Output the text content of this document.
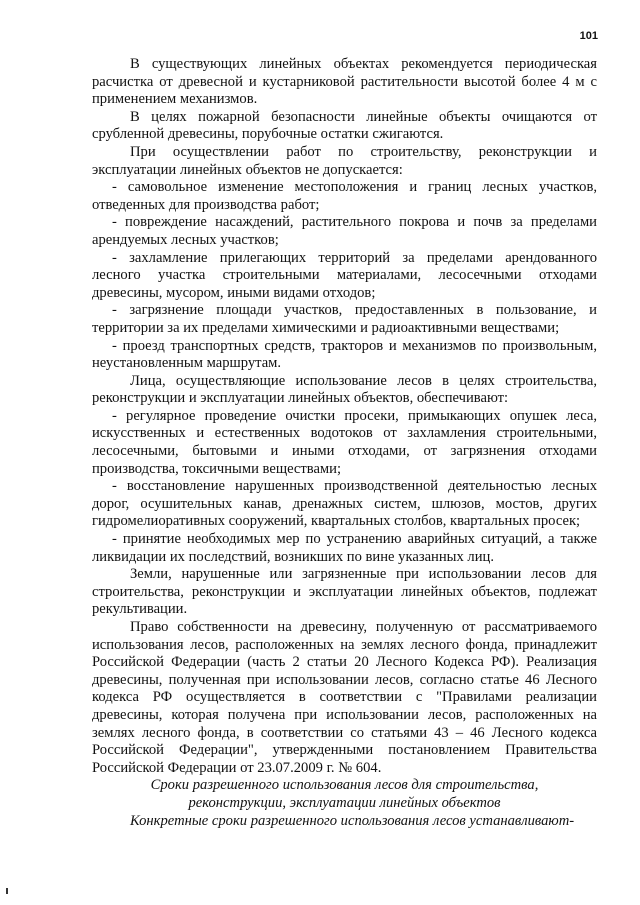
101

В существующих линейных объектах рекомендуется периодическая расчистка от древесной и кустарниковой растительности высотой более 4 м с применением механизмов.

В целях пожарной безопасности линейные объекты очищаются от срубленной древесины, порубочные остатки сжигаются.

При осуществлении работ по строительству, реконструкции и эксплуатации линейных объектов не допускается:

- самовольное изменение местоположения и границ лесных участков, отведенных для производства работ;

- повреждение насаждений, растительного покрова и почв за пределами арендуемых лесных участков;

- захламление прилегающих территорий за пределами арендованного лесного участка строительными материалами, лесосечными отходами древесины, мусором, иными видами отходов;

- загрязнение площади участков, предоставленных в пользование, и территории за их пределами химическими и радиоактивными веществами;

- проезд транспортных средств, тракторов и механизмов по произвольным, неустановленным маршрутам.

Лица, осуществляющие использование лесов в целях строительства, реконструкции и эксплуатации линейных объектов, обеспечивают:

- регулярное проведение очистки просеки, примыкающих опушек леса, искусственных и естественных водотоков от захламления строительными, лесосечными, бытовыми и иными отходами, от загрязнения отходами производства, токсичными веществами;

- восстановление нарушенных производственной деятельностью лесных дорог, осушительных канав, дренажных систем, шлюзов, мостов, других гидромелиоративных сооружений, квартальных столбов, квартальных просек;

- принятие необходимых мер по устранению аварийных ситуаций, а также ликвидации их последствий, возникших по вине указанных лиц.

Земли, нарушенные или загрязненные при использовании лесов для строительства, реконструкции и эксплуатации линейных объектов, подлежат рекультивации.

Право собственности на древесину, полученную от рассматриваемого использования лесов, расположенных на землях лесного фонда, принадлежит Российской Федерации (часть 2 статьи 20 Лесного Кодекса РФ). Реализация древесины, полученная при использовании лесов, согласно статье 46 Лесного кодекса РФ осуществляется в соответствии с "Правилами реализации древесины, которая получена при использовании лесов, расположенных на землях лесного фонда, в соответствии со статьями 43 – 46 Лесного кодекса Российской Федерации", утвержденными постановлением Правительства Российской Федерации от 23.07.2009 г. № 604.

Сроки разрешенного использования лесов для строительства, реконструкции, эксплуатации линейных объектов

Конкретные сроки разрешенного использования лесов устанавливают-
